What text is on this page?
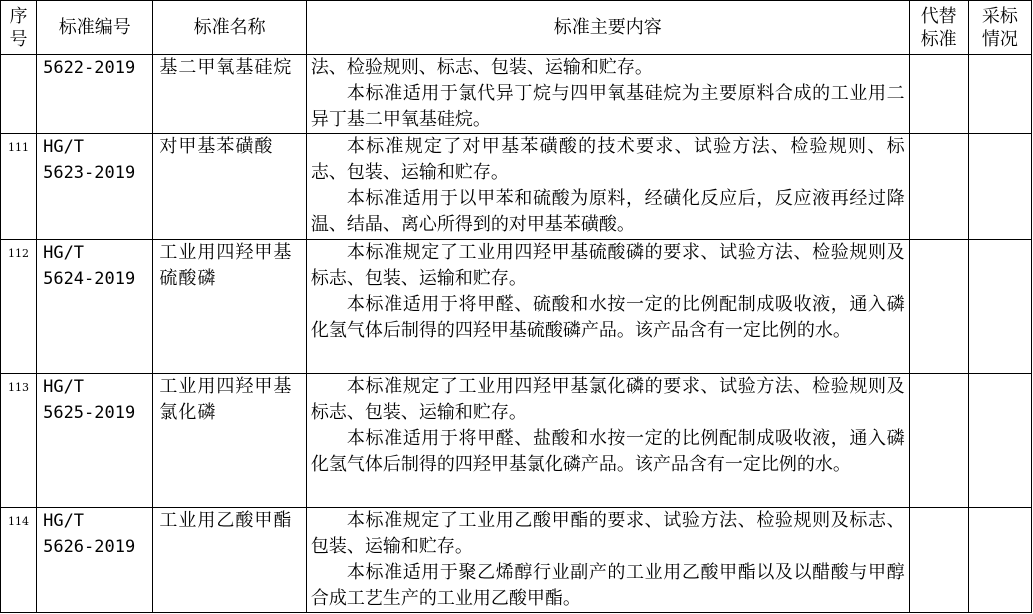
序号	标准编号	标准名称	标准主要内容	代替标准	采标情况

	5622-2019	基二甲氧基硅烷	法、检验规则、标志、包装、运输和贮存。
本标准适用于氯代异丁烷与四甲氧基硅烷为主要原料合成的工业用二异丁基二甲氧基硅烷。		

111	HG/T
5623-2019	对甲基苯磺酸	本标准规定了对甲基苯磺酸的技术要求、试验方法、检验规则、标志、包装、运输和贮存。
本标准适用于以甲苯和硫酸为原料，经磺化反应后，反应液再经过降温、结晶、离心所得到的对甲基苯磺酸。		

112	HG/T
5624-2019	工业用四羟甲基硫酸磷	本标准规定了工业用四羟甲基硫酸磷的要求、试验方法、检验规则及标志、包装、运输和贮存。
本标准适用于将甲醛、硫酸和水按一定的比例配制成吸收液，通入磷化氢气体后制得的四羟甲基硫酸磷产品。该产品含有一定比例的水。		

113	HG/T
5625-2019	工业用四羟甲基氯化磷	本标准规定了工业用四羟甲基氯化磷的要求、试验方法、检验规则及标志、包装、运输和贮存。
本标准适用于将甲醛、盐酸和水按一定的比例配制成吸收液，通入磷化氢气体后制得的四羟甲基氯化磷产品。该产品含有一定比例的水。		

114	HG/T
5626-2019	工业用乙酸甲酯	本标准规定了工业用乙酸甲酯的要求、试验方法、检验规则及标志、包装、运输和贮存。
本标准适用于聚乙烯醇行业副产的工业用乙酸甲酯以及以醋酸与甲醇合成工艺生产的工业用乙酸甲酯。		
